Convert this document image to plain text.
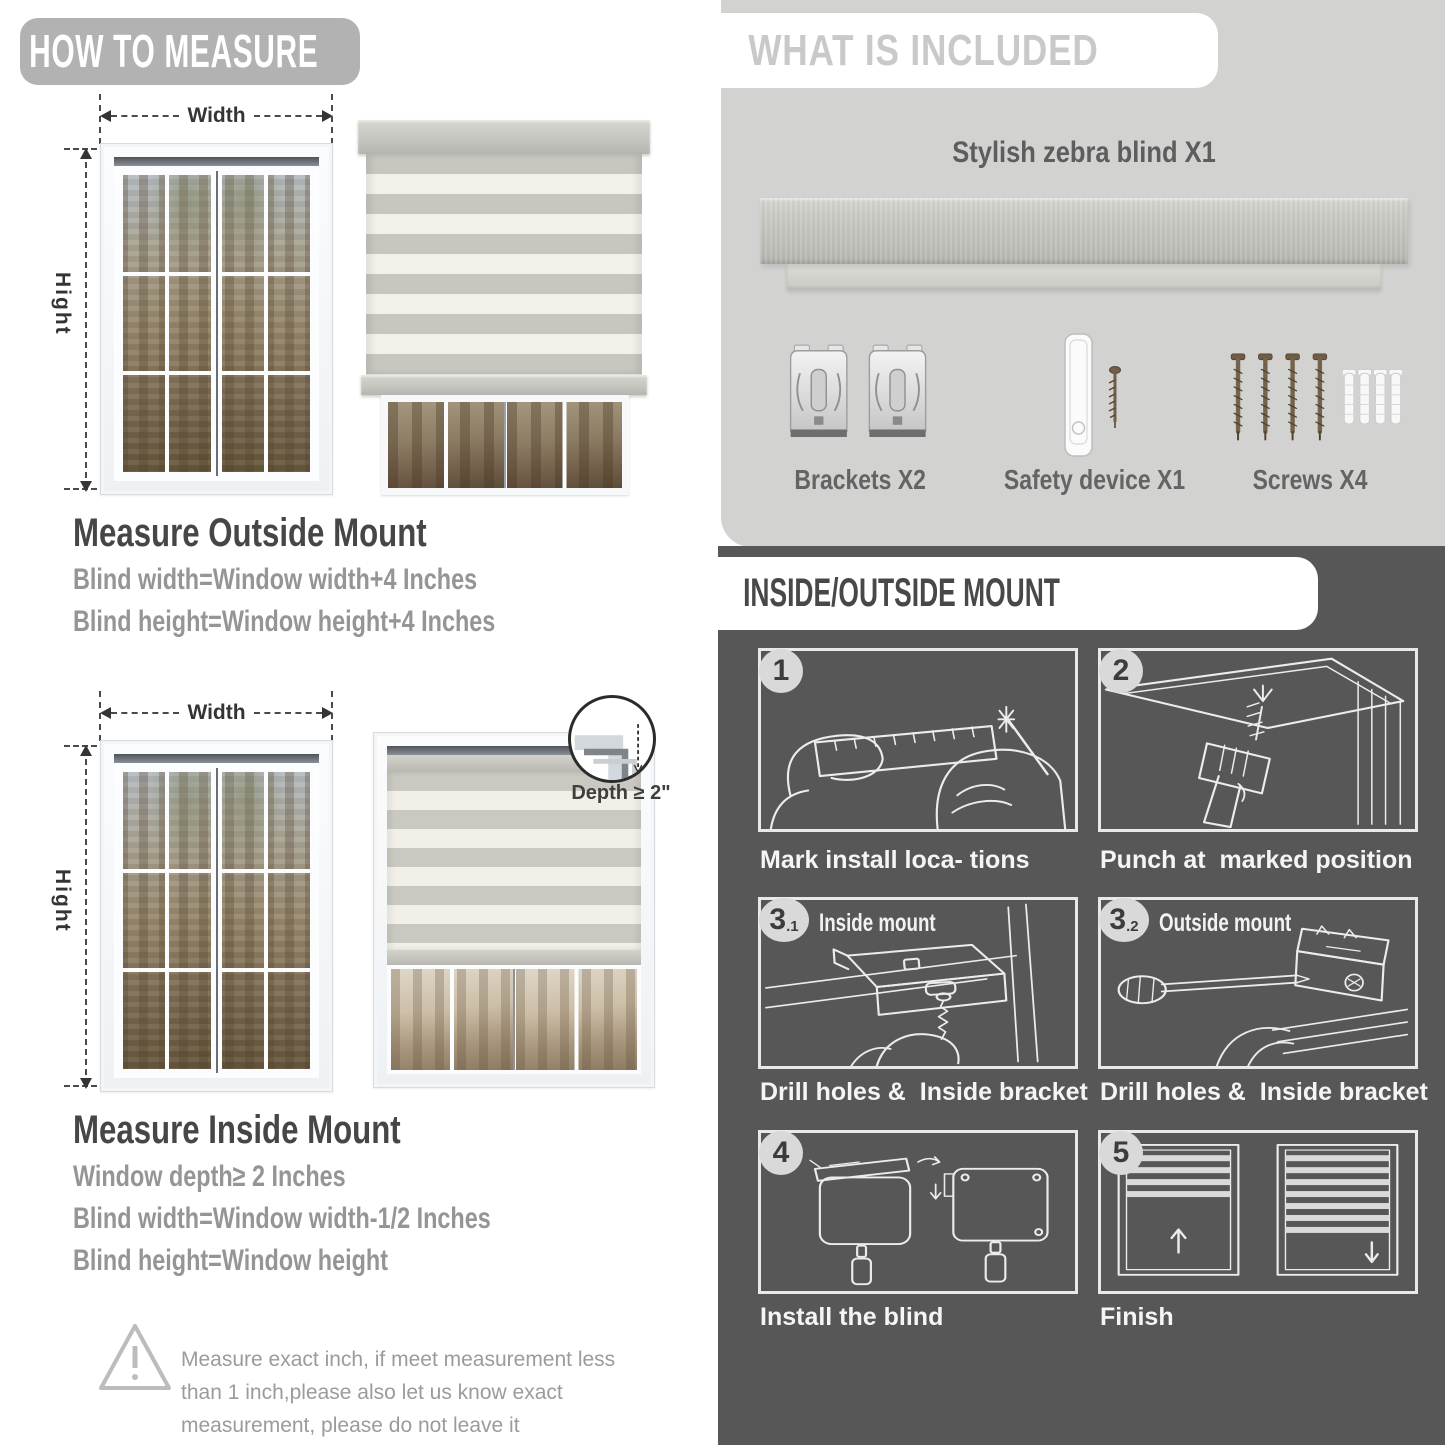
HOW TO MEASURE
Width
Hight
Measure Outside Mount
Blind width=Window width+4 Inches
Blind height=Window height+4 Inches
Width
Hight
Depth ≥ 2"
Measure Inside Mount
Window depth≥ 2 Inches
Blind width=Window width-1/2 Inches
Blind height=Window height

Measure exact inch, if meet measurement less than 1 inch,please also let us know exact measurement, please do not leave it

WHAT IS INCLUDED
Stylish zebra blind X1
Brackets X2	Safety device X1	Screws X4
INSIDE/OUTSIDE MOUNT
1
Mark install loca- tions
2
Punch at  marked position
3 .1 Inside mount
Drill holes &  Inside bracket
3 .2 Outside mount
Drill holes &  Inside bracket
4
Install the blind
5
Finish
